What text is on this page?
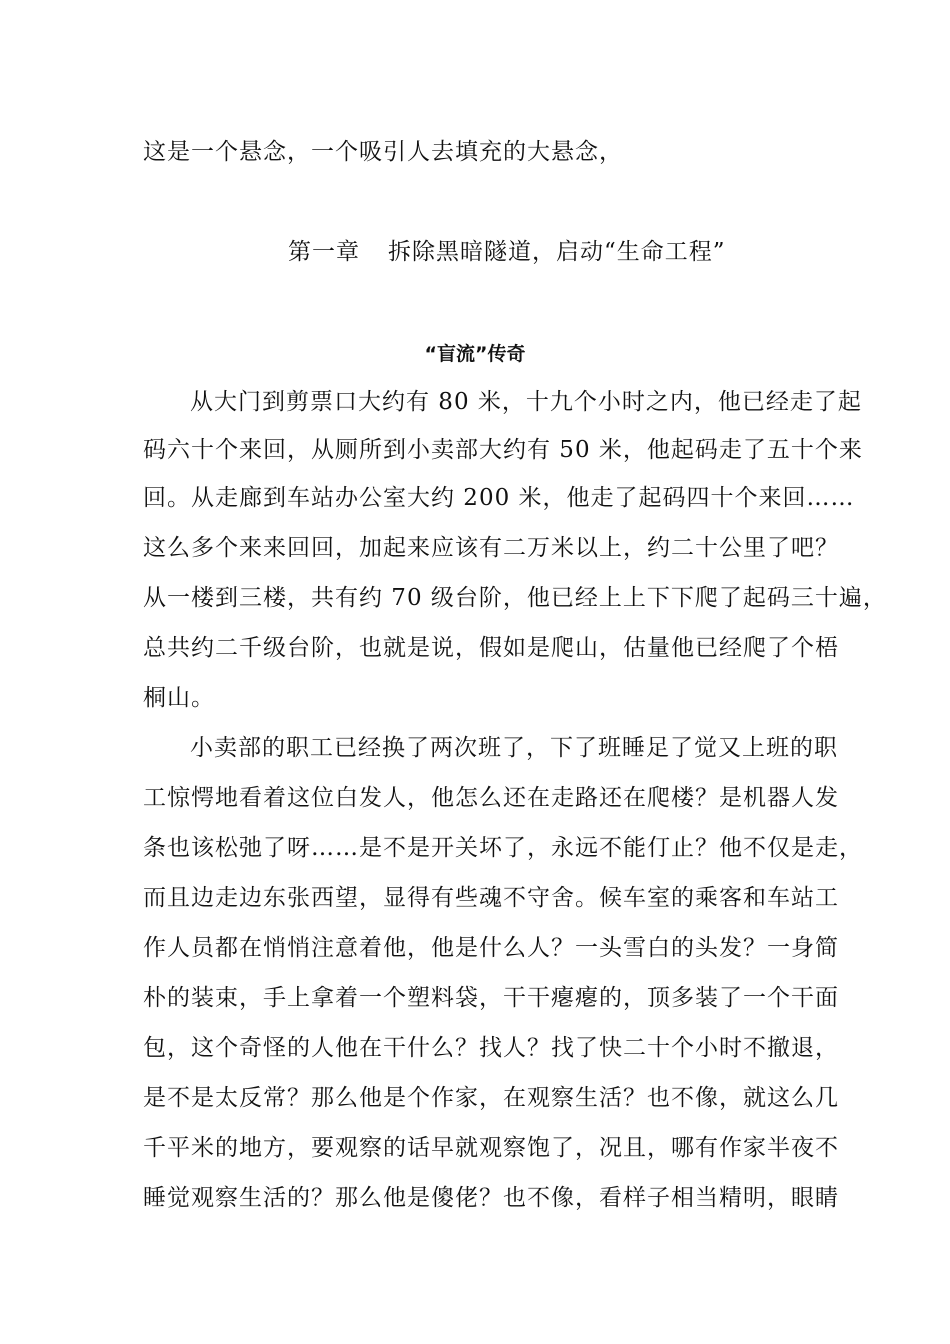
这是一个悬念，一个吸引人去填充的大悬念，
第一章 拆除黑暗隧道，启动“生命工程”
“盲流”传奇
从大门到剪票口大约有 80 米，十九个小时之内，他已经走了起
码六十个来回，从厕所到小卖部大约有 50 米，他起码走了五十个来
回。从走廊到车站办公室大约 200 米，他走了起码四十个来回……
这么多个来来回回，加起来应该有二万米以上，约二十公里了吧？
从一楼到三楼，共有约 70 级台阶，他已经上上下下爬了起码三十遍，
总共约二千级台阶，也就是说，假如是爬山，估量他已经爬了个梧
桐山。
小卖部的职工已经换了两次班了，下了班睡足了觉又上班的职
工惊愕地看着这位白发人，他怎么还在走路还在爬楼？是机器人发
条也该松弛了呀……是不是开关坏了，永远不能仃止？他不仅是走，
而且边走边东张西望，显得有些魂不守舍。候车室的乘客和车站工
作人员都在悄悄注意着他，他是什么人？一头雪白的头发？一身简
朴的装束，手上拿着一个塑料袋，干干瘪瘪的，顶多装了一个干面
包，这个奇怪的人他在干什么？找人？找了快二十个小时不撤退，
是不是太反常？那么他是个作家，在观察生活？也不像，就这么几
千平米的地方，要观察的话早就观察饱了，况且，哪有作家半夜不
睡觉观察生活的？那么他是傻佬？也不像，看样子相当精明，眼睛
